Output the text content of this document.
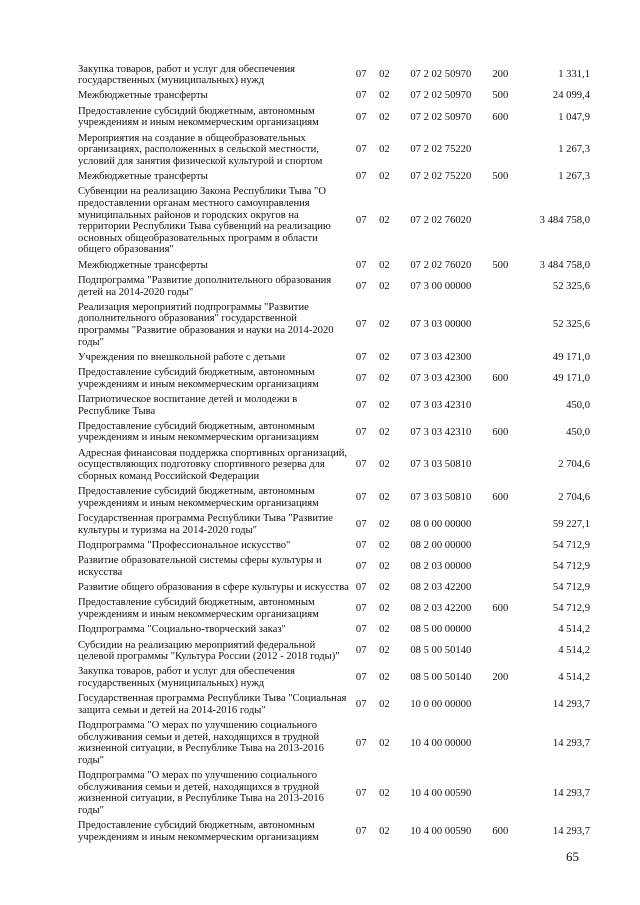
Закупка товаров, работ и услуг для обеспечения государственных (муниципальных) нужд	07	02	07 2 02 50970	200	1 331,1
Межбюджетные трансферты	07	02	07 2 02 50970	500	24 099,4
Предоставление субсидий бюджетным, автономным учреждениям и иным некоммерческим организациям	07	02	07 2 02 50970	600	1 047,9
Мероприятия на создание в общеобразовательных организациях, расположенных в сельской местности, условий для занятия физической культурой и спортом	07	02	07 2 02 75220		1 267,3
Межбюджетные трансферты	07	02	07 2 02 75220	500	1 267,3
Субвенции на реализацию Закона Республики Тыва "О предоставлении органам местного самоуправления муниципальных районов и городских округов на территории Республики Тыва субвенций на реализацию основных общеобразовательных программ в области общего образования"	07	02	07 2 02 76020		3 484 758,0
Межбюджетные трансферты	07	02	07 2 02 76020	500	3 484 758,0
Подпрограмма "Развитие дополнительного образования детей на 2014-2020 годы"	07	02	07 3 00 00000		52 325,6
Реализация мероприятий подпрограммы "Развитие дополнительного образования" государственной программы "Развитие образования и науки на 2014-2020 годы"	07	02	07 3 03 00000		52 325,6
Учреждения по внешкольной работе с детьми	07	02	07 3 03 42300		49 171,0
Предоставление субсидий бюджетным, автономным учреждениям и иным некоммерческим организациям	07	02	07 3 03 42300	600	49 171,0
Патриотическое воспитание детей и молодежи в Республике Тыва	07	02	07 3 03 42310		450,0
Предоставление субсидий бюджетным, автономным учреждениям и иным некоммерческим организациям	07	02	07 3 03 42310	600	450,0
Адресная финансовая поддержка спортивных организаций, осуществляющих подготовку спортивного резерва для сборных команд Российской Федерации	07	02	07 3 03 50810		2 704,6
Предоставление субсидий бюджетным, автономным учреждениям и иным некоммерческим организациям	07	02	07 3 03 50810	600	2 704,6
Государственная программа Республики Тыва "Развитие культуры и туризма на 2014-2020 годы"	07	02	08 0 00 00000		59 227,1
Подпрограмма "Профессиональное искусство"	07	02	08 2 00 00000		54 712,9
Развитие образовательной системы сферы культуры и искусства	07	02	08 2 03 00000		54 712,9
Развитие общего образования в сфере культуры и искусства	07	02	08 2 03 42200		54 712,9
Предоставление субсидий бюджетным, автономным учреждениям и иным некоммерческим организациям	07	02	08 2 03 42200	600	54 712,9
Подпрограмма "Социально-творческий заказ"	07	02	08 5 00 00000		4 514,2
Субсидии на реализацию мероприятий федеральной целевой программы "Культура России (2012 - 2018 годы)"	07	02	08 5 00 50140		4 514,2
Закупка товаров, работ и услуг для обеспечения государственных (муниципальных) нужд	07	02	08 5 00 50140	200	4 514,2
Государственная программа Республики Тыва "Социальная защита семьи и детей на 2014-2016 годы"	07	02	10 0 00 00000		14 293,7
Подпрограмма "О мерах по улучшению социального обслуживания семьи и детей, находящихся в трудной жизненной ситуации, в Республике Тыва на 2013-2016 годы"	07	02	10 4 00 00000		14 293,7
Подпрограмма "О мерах по улучшению социального обслуживания семьи и детей, находящихся в трудной жизненной ситуации, в Республике Тыва на 2013-2016 годы"	07	02	10 4 00 00590		14 293,7
Предоставление субсидий бюджетным, автономным учреждениям и иным некоммерческим организациям	07	02	10 4 00 00590	600	14 293,7
65
